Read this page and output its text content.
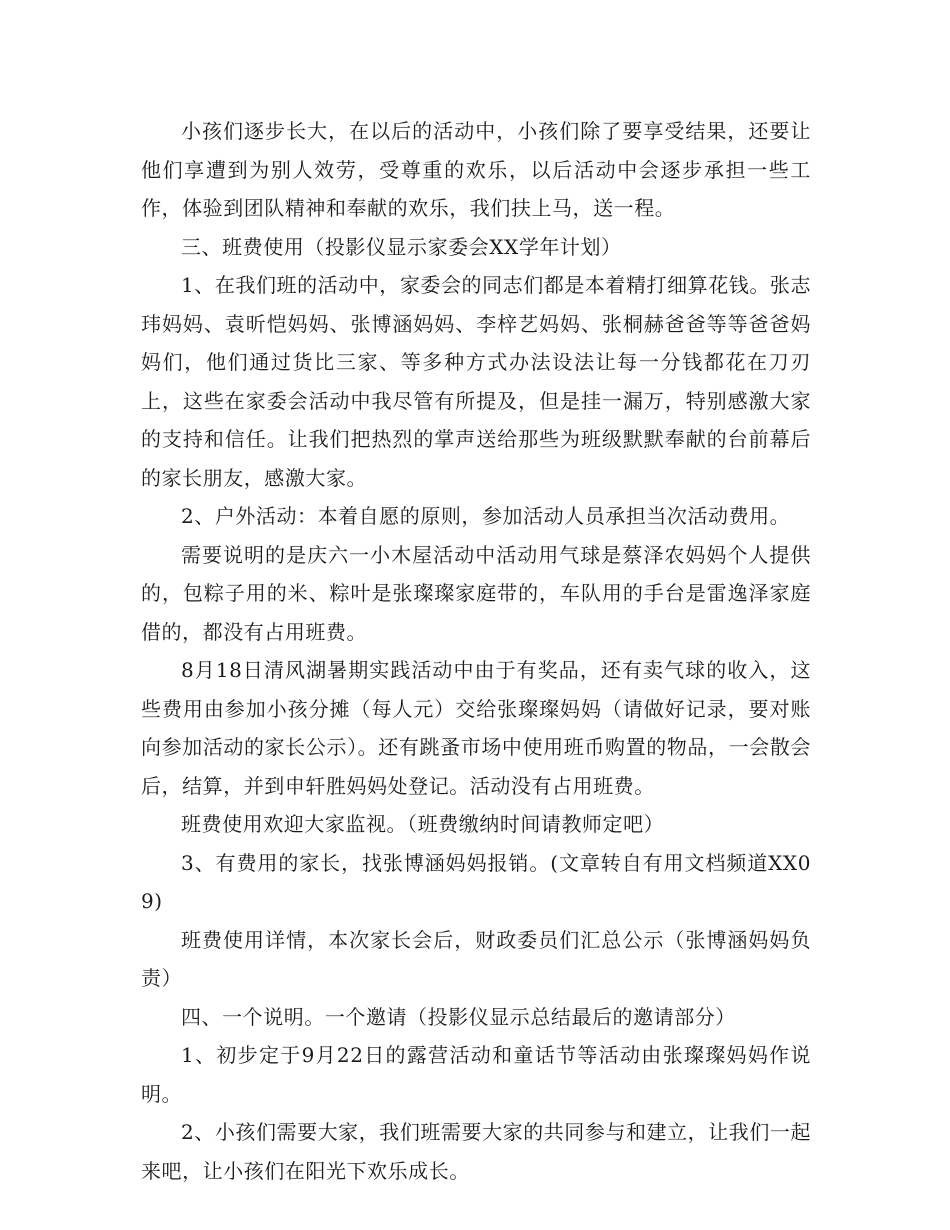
小孩们逐步长大，在以后的活动中，小孩们除了要享受结果，还要让他们享遭到为别人效劳，受尊重的欢乐，以后活动中会逐步承担一些工作，体验到团队精神和奉献的欢乐，我们扶上马，送一程。

三、班费使用（投影仪显示家委会XX学年计划）

1、在我们班的活动中，家委会的同志们都是本着精打细算花钱。张志玮妈妈、袁昕恺妈妈、张博涵妈妈、李梓艺妈妈、张桐赫爸爸等等爸爸妈妈们，他们通过货比三家、等多种方式办法设法让每一分钱都花在刀刃上，这些在家委会活动中我尽管有所提及，但是挂一漏万，特别感激大家的支持和信任。让我们把热烈的掌声送给那些为班级默默奉献的台前幕后的家长朋友，感激大家。

2、户外活动：本着自愿的原则，参加活动人员承担当次活动费用。

需要说明的是庆六一小木屋活动中活动用气球是蔡泽农妈妈个人提供的，包粽子用的米、粽叶是张璨璨家庭带的，车队用的手台是雷逸泽家庭借的，都没有占用班费。

8月18日清风湖暑期实践活动中由于有奖品，还有卖气球的收入，这些费用由参加小孩分摊（每人元）交给张璨璨妈妈（请做好记录，要对账向参加活动的家长公示）。还有跳蚤市场中使用班币购置的物品，一会散会后，结算，并到申轩胜妈妈处登记。活动没有占用班费。

班费使用欢迎大家监视。（班费缴纳时间请教师定吧）

3、有费用的家长，找张博涵妈妈报销。(文章转自有用文档频道XX09)

班费使用详情，本次家长会后，财政委员们汇总公示（张博涵妈妈负责）

四、一个说明。一个邀请（投影仪显示总结最后的邀请部分）

1、初步定于9月22日的露营活动和童话节等活动由张璨璨妈妈作说明。

2、小孩们需要大家，我们班需要大家的共同参与和建立，让我们一起来吧，让小孩们在阳光下欢乐成长。
